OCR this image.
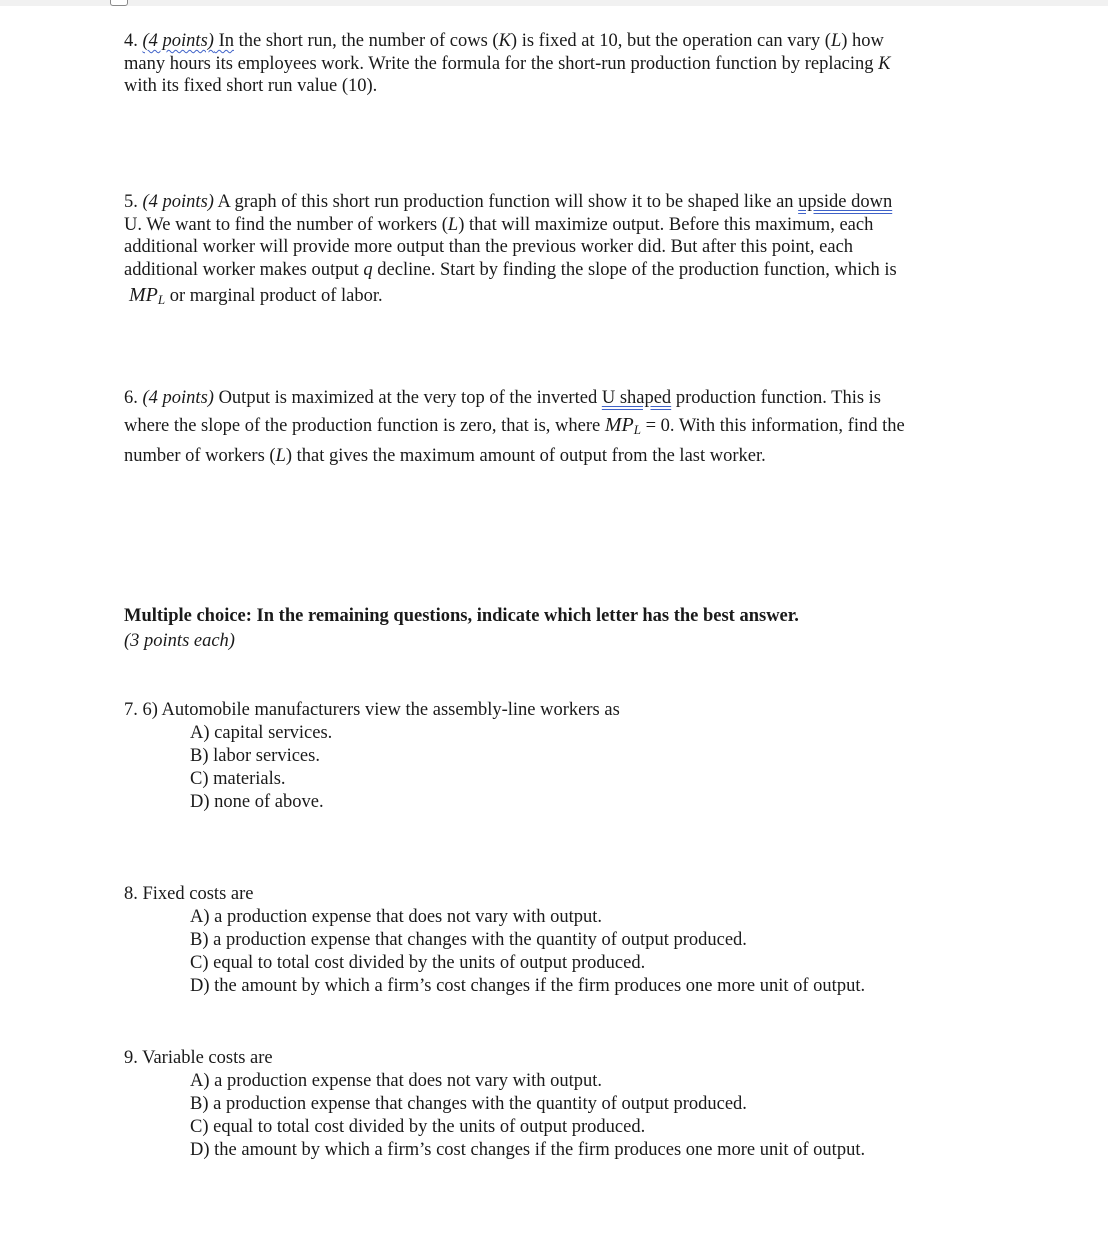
4. (4 points) In the short run, the number of cows (K) is fixed at 10, but the operation can vary (L) how

many hours its employees work. Write the formula for the short-run production function by replacing K

with its fixed short run value (10).

5. (4 points) A graph of this short run production function will show it to be shaped like an upside down

U. We want to find the number of workers (L) that will maximize output. Before this maximum, each

additional worker will provide more output than the previous worker did. But after this point, each

additional worker makes output q decline. Start by finding the slope of the production function, which is

$MP_L$ or marginal product of labor.

6. (4 points) Output is maximized at the very top of the inverted U shaped production function. This is

where the slope of the production function is zero, that is, where $MP_L = 0$. With this information, find the

number of workers (L) that gives the maximum amount of output from the last worker.

Multiple choice: In the remaining questions, indicate which letter has the best answer.

(3 points each)

7. 6) Automobile manufacturers view the assembly-line workers as

A) capital services.
B) labor services.
C) materials.
D) none of above.

8. Fixed costs are

A) a production expense that does not vary with output.
B) a production expense that changes with the quantity of output produced.
C) equal to total cost divided by the units of output produced.
D) the amount by which a firm’s cost changes if the firm produces one more unit of output.

9. Variable costs are

A) a production expense that does not vary with output.
B) a production expense that changes with the quantity of output produced.
C) equal to total cost divided by the units of output produced.
D) the amount by which a firm’s cost changes if the firm produces one more unit of output.
